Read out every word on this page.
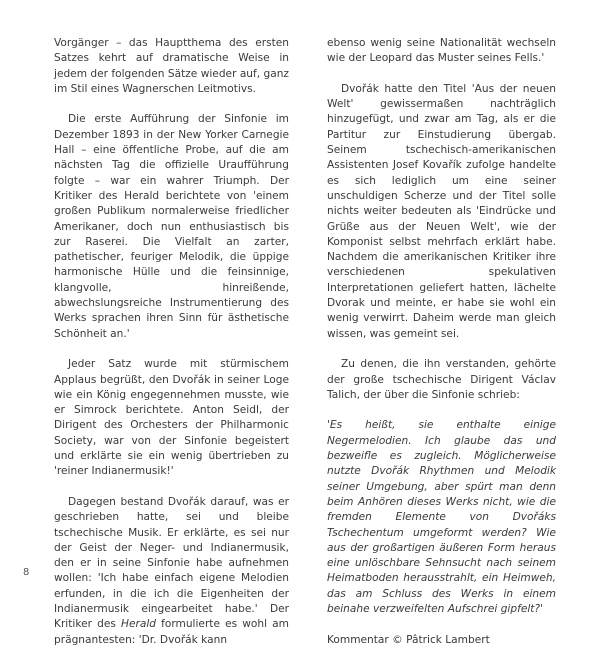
Vorgänger – das Hauptthema des ersten Satzes kehrt auf dramatische Weise in jedem der folgenden Sätze wieder auf, ganz im Stil eines Wagnerschen Leitmotivs.

Die erste Aufführung der Sinfonie im Dezember 1893 in der New Yorker Carnegie Hall – eine öffentliche Probe, auf die am nächsten Tag die offizielle Uraufführung folgte – war ein wahrer Triumph. Der Kritiker des Herald berichtete von 'einem großen Publikum normalerweise friedlicher Amerikaner, doch nun enthusiastisch bis zur Raserei. Die Vielfalt an zarter, pathetischer, feuriger Melodik, die üppige harmonische Hülle und die feinsinnige, klangvolle, hinreißende, abwechslungsreiche Instrumentierung des Werks sprachen ihren Sinn für ästhetische Schönheit an.'

Jeder Satz wurde mit stürmischem Applaus begrüßt, den Dvořák in seiner Loge wie ein König engegennehmen musste, wie er Simrock berichtete. Anton Seidl, der Dirigent des Orchesters der Philharmonic Society, war von der Sinfonie begeistert und erklärte sie ein wenig übertrieben zu 'reiner Indianermusik!'

Dagegen bestand Dvořák darauf, was er geschrieben hatte, sei und bleibe tschechische Musik. Er erklärte, es sei nur der Geist der Neger- und Indianermusik, den er in seine Sinfonie habe aufnehmen wollen: 'Ich habe einfach eigene Melodien erfunden, in die ich die Eigenheiten der Indianermusik eingearbeitet habe.' Der Kritiker des Herald formulierte es wohl am prägnantesten: 'Dr. Dvořák kann

ebenso wenig seine Nationalität wechseln wie der Leopard das Muster seines Fells.'

Dvořák hatte den Titel 'Aus der neuen Welt' gewissermaßen nachträglich hinzugefügt, und zwar am Tag, als er die Partitur zur Einstudierung übergab. Seinem tschechisch-amerikanischen Assistenten Josef Kovařík zufolge handelte es sich lediglich um eine seiner unschuldigen Scherze und der Titel solle nichts weiter bedeuten als 'Eindrücke und Grüße aus der Neuen Welt', wie der Komponist selbst mehrfach erklärt habe. Nachdem die amerikanischen Kritiker ihre verschiedenen spekulativen Interpretationen geliefert hatten, lächelte Dvorak und meinte, er habe sie wohl ein wenig verwirrt. Daheim werde man gleich wissen, was gemeint sei.

Zu denen, die ihn verstanden, gehörte der große tschechische Dirigent Václav Talich, der über die Sinfonie schrieb:

'Es heißt, sie enthalte einige Negermelodien. Ich glaube das und bezweifle es zugleich. Möglicherweise nutzte Dvořák Rhythmen und Melodik seiner Umgebung, aber spürt man denn beim Anhören dieses Werks nicht, wie die fremden Elemente von Dvořáks Tschechentum umgeformt werden? Wie aus der großartigen äußeren Form heraus eine unlöschbare Sehnsucht nach seinem Heimatboden herausstrahlt, ein Heimweh, das am Schluss des Werks in einem beinahe verzweifelten Aufschrei gipfelt?'

Kommentar © Pâtrick Lambert

8
